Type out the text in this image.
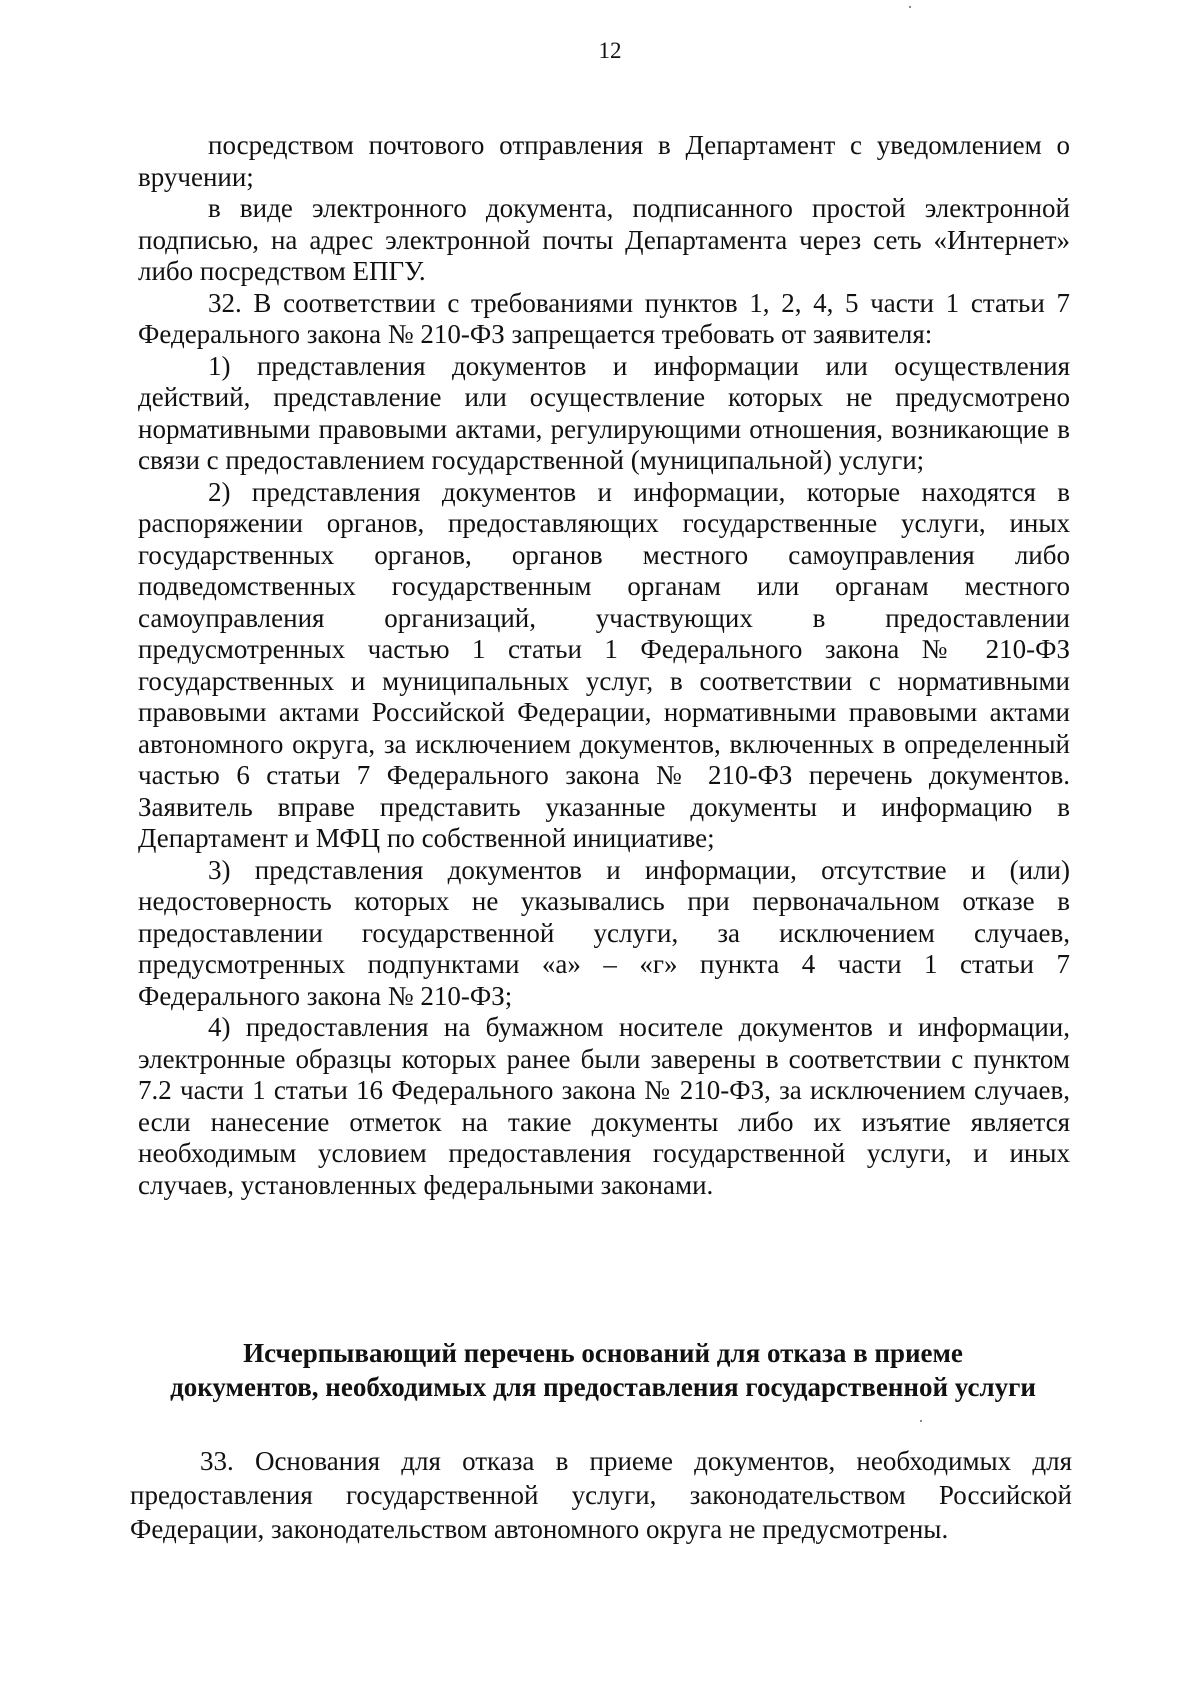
12

посредством почтового отправления в Департамент с уведомлением о вручении;

в виде электронного документа, подписанного простой электронной подписью, на адрес электронной почты Департамента через сеть «Интернет» либо посредством ЕПГУ.

32. В соответствии с требованиями пунктов 1, 2, 4, 5 части 1 статьи 7 Федерального закона № 210-ФЗ запрещается требовать от заявителя:

1) представления документов и информации или осуществления действий, представление или осуществление которых не предусмотрено нормативными правовыми актами, регулирующими отношения, возникающие в связи с предоставлением государственной (муниципальной) услуги;

2) представления документов и информации, которые находятся в распоряжении органов, предоставляющих государственные услуги, иных государственных органов, органов местного самоуправления либо подведомственных государственным органам или органам местного самоуправления организаций, участвующих в предоставлении предусмотренных частью 1 статьи 1 Федерального закона № 210-ФЗ государственных и муниципальных услуг, в соответствии с нормативными правовыми актами Российской Федерации, нормативными правовыми актами автономного округа, за исключением документов, включенных в определенный частью 6 статьи 7 Федерального закона № 210-ФЗ перечень документов. Заявитель вправе представить указанные документы и информацию в Департамент и МФЦ по собственной инициативе;

3) представления документов и информации, отсутствие и (или) недостоверность которых не указывались при первоначальном отказе в предоставлении государственной услуги, за исключением случаев, предусмотренных подпунктами «а» – «г» пункта 4 части 1 статьи 7 Федерального закона № 210-ФЗ;

4) предоставления на бумажном носителе документов и информации, электронные образцы которых ранее были заверены в соответствии с пунктом 7.2 части 1 статьи 16 Федерального закона № 210-ФЗ, за исключением случаев, если нанесение отметок на такие документы либо их изъятие является необходимым условием предоставления государственной услуги, и иных случаев, установленных федеральными законами.

Исчерпывающий перечень оснований для отказа в приеме
документов, необходимых для предоставления государственной услуги

33. Основания для отказа в приеме документов, необходимых для предоставления государственной услуги, законодательством Российской Федерации, законодательством автономного округа не предусмотрены.
